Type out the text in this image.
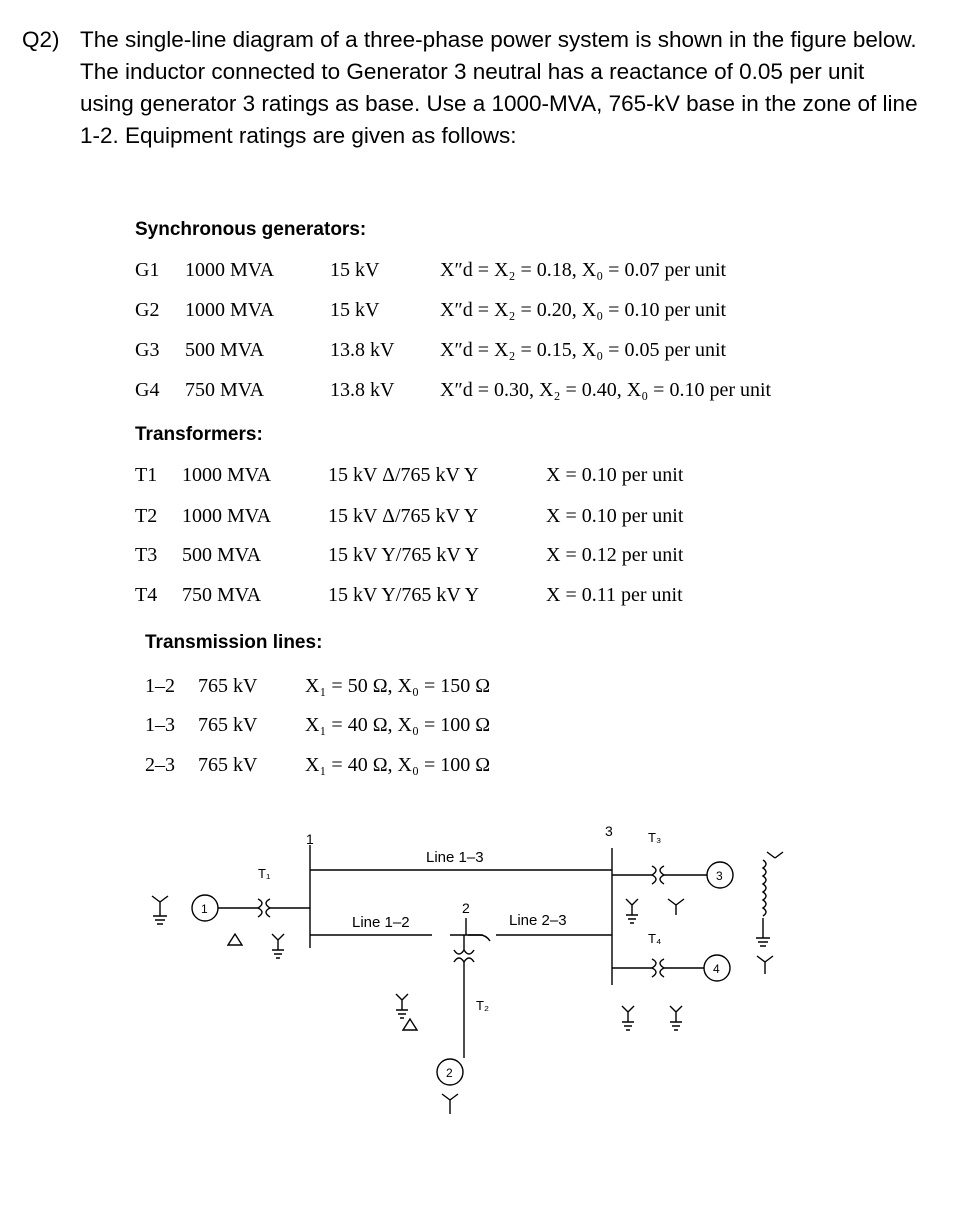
Q2) The single-line diagram of a three-phase power system is shown in the figure below. The inductor connected to Generator 3 neutral has a reactance of 0.05 per unit using generator 3 ratings as base. Use a 1000-MVA, 765-kV base in the zone of line 1-2. Equipment ratings are given as follows:
Synchronous generators:
G1 1000 MVA	15 kV	X″d = X₂ = 0.18, X₀ = 0.07 per unit
G2 1000 MVA	15 kV	X″d = X₂ = 0.20, X₀ = 0.10 per unit
G3 500 MVA	13.8 kV X″d = X₂ = 0.15, X₀ = 0.05 per unit
G4 750 MVA	13.8 kV X″d = 0.30, X₂ = 0.40, X₀ = 0.10 per unit
Transformers:
T1 1000 MVA	15 kV Δ/765 kV Y	X = 0.10 per unit
T2 1000 MVA	15 kV Δ/765 kV Y	X = 0.10 per unit
T3 500 MVA	15 kV Y/765 kV Y	X = 0.12 per unit
T4 750 MVA	15 kV Y/765 kV Y	X = 0.11 per unit
Transmission lines:
1–2 765 kV X₁ = 50 Ω, X₀ = 150 Ω
1–3 765 kV X₁ = 40 Ω, X₀ = 100 Ω
2–3 765 kV X₁ = 40 Ω, X₀ = 100 Ω
1	3
2
Line 1–3
Line 1–2	Line 2–3
T₁
T₂
T₃
T₄
1
2
3
4
